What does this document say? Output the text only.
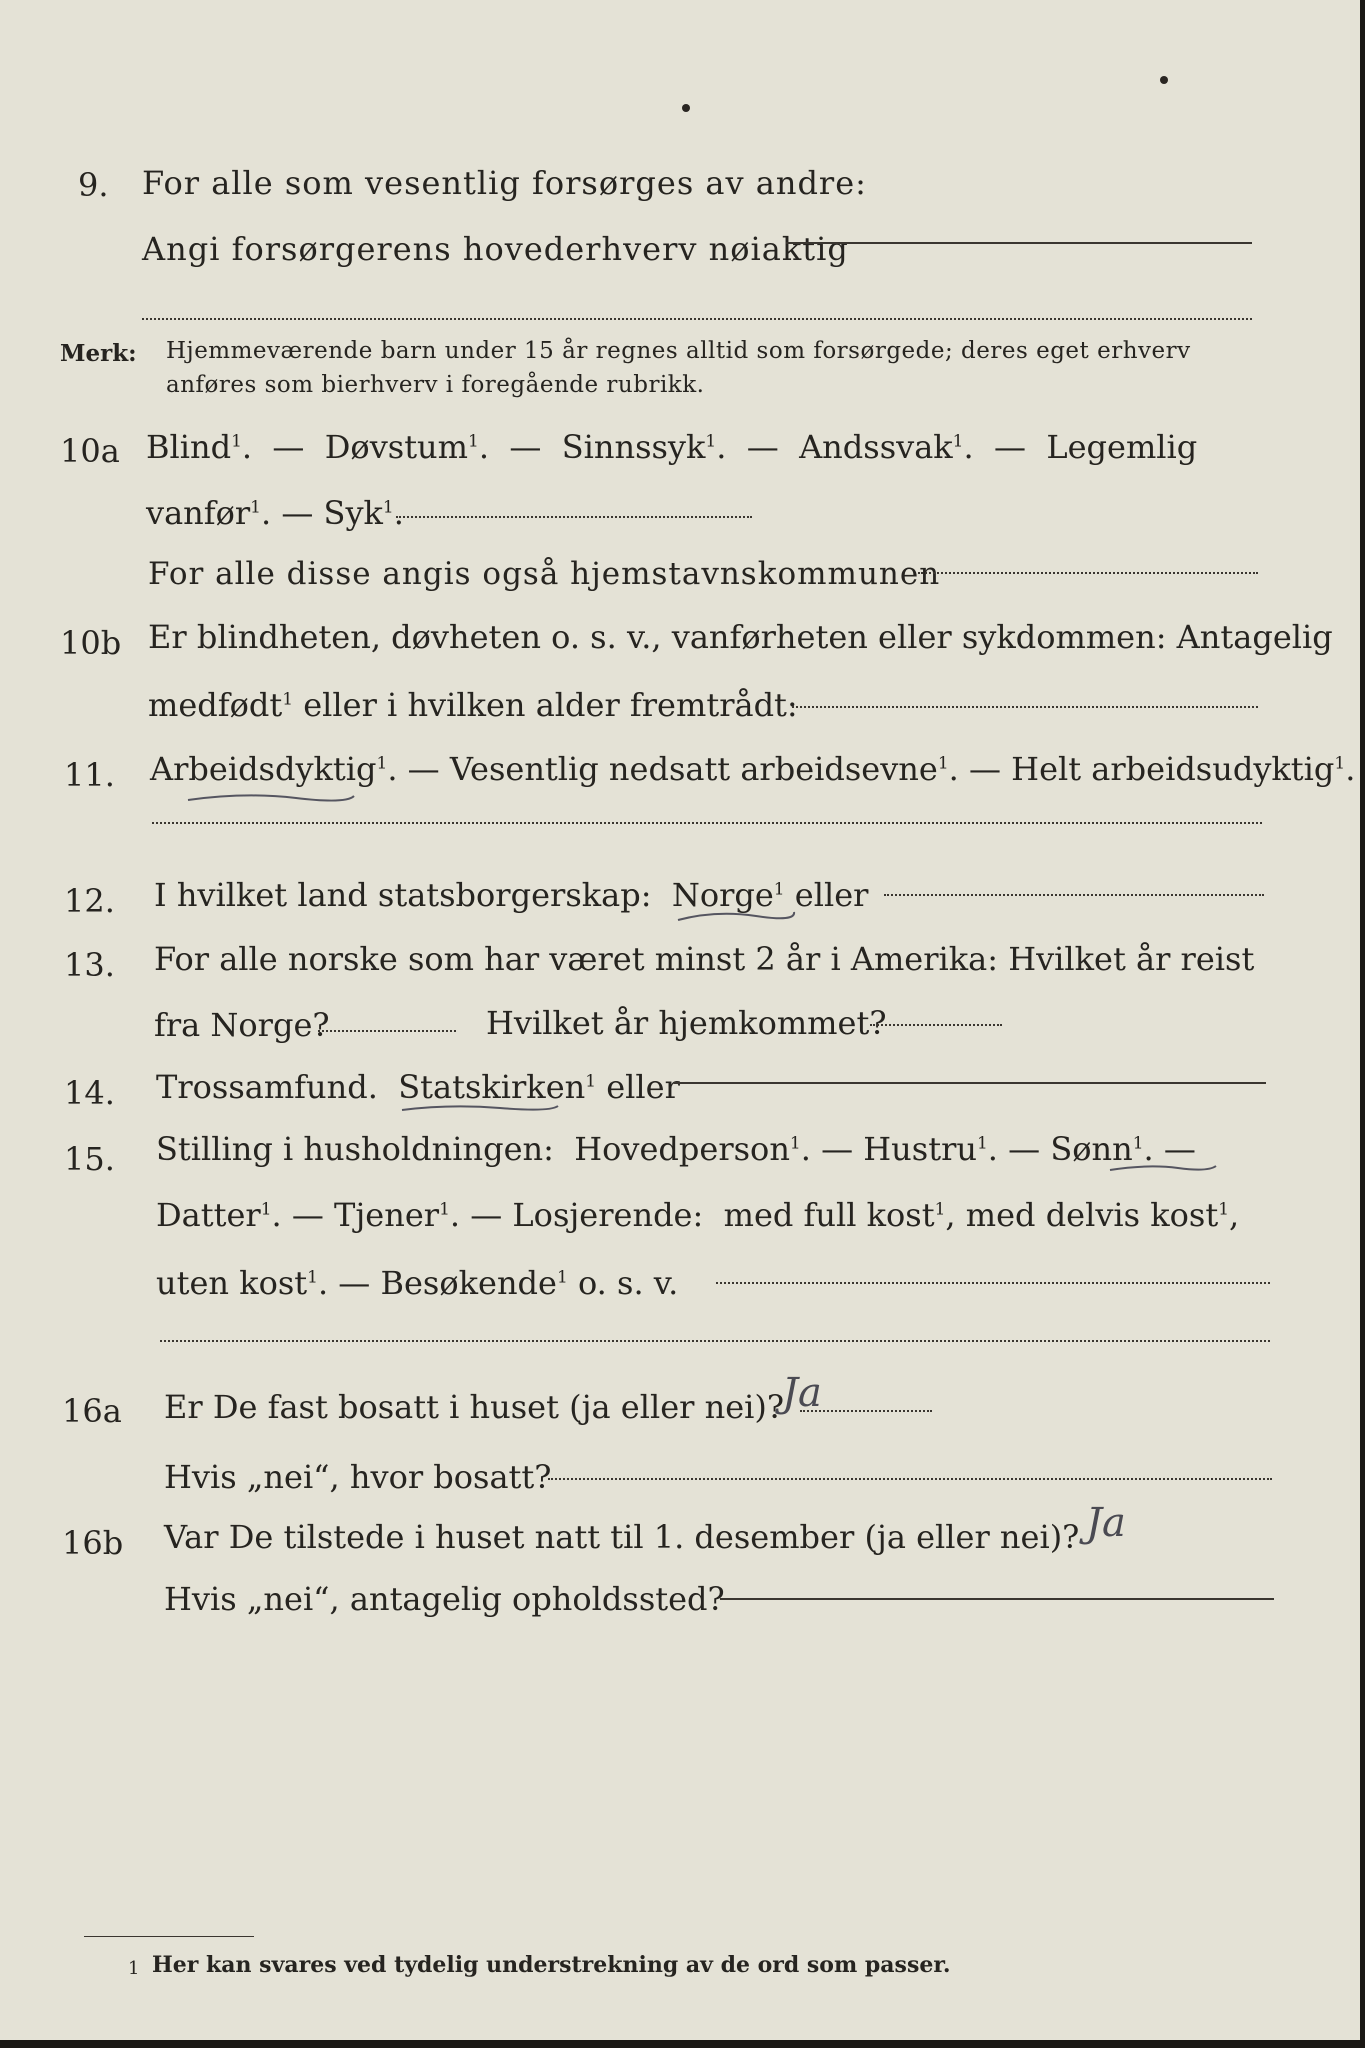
9. For alle som vesentlig forsørges av andre:
Angi forsørgerens hovederhverv nøiaktig
Merk: Hjemmeværende barn under 15 år regnes alltid som forsørgede; deres eget erhverv
anføres som bierhverv i foregående rubrikk.
10a Blind$^1$.  — Døvstum$^1$.  — Sinnssyk$^1$.  — Andssvak$^1$.  — Legemlig
vanfør$^1$. — Syk$^1$.
For alle disse angis også hjemstavnskommunen
10b Er blindheten, døvheten o. s. v., vanførheten eller sykdommen: Antagelig
medfødt$^1$ eller i hvilken alder fremtrådt:
11. Arbeidsdyktig$^1$. — Vesentlig nedsatt arbeidsevne$^1$. — Helt arbeidsudyktig$^1$.
12. I hvilket land statsborgerskap: Norge$^1$ eller
13. For alle norske som har været minst 2 år i Amerika: Hvilket år reist
fra Norge?	Hvilket år hjemkommet?
14. Trossamfund. Statskirken$^1$ eller
15. Stilling i husholdningen: Hovedperson$^1$. — Hustru$^1$. — Sønn$^1$. —
Datter$^1$. — Tjener$^1$. — Losjerende: med full kost$^1$, med delvis kost$^1$,
uten kost$^1$. — Besøkende$^1$ o. s. v.
16a Er De fast bosatt i huset (ja eller nei)?
Ja
Hvis „nei“, hvor bosatt?
16b Var De tilstede i huset natt til 1. desember (ja eller nei)? Ja
Hvis „nei“, antagelig opholdssted?
1 Her kan svares ved tydelig understrekning av de ord som passer.
